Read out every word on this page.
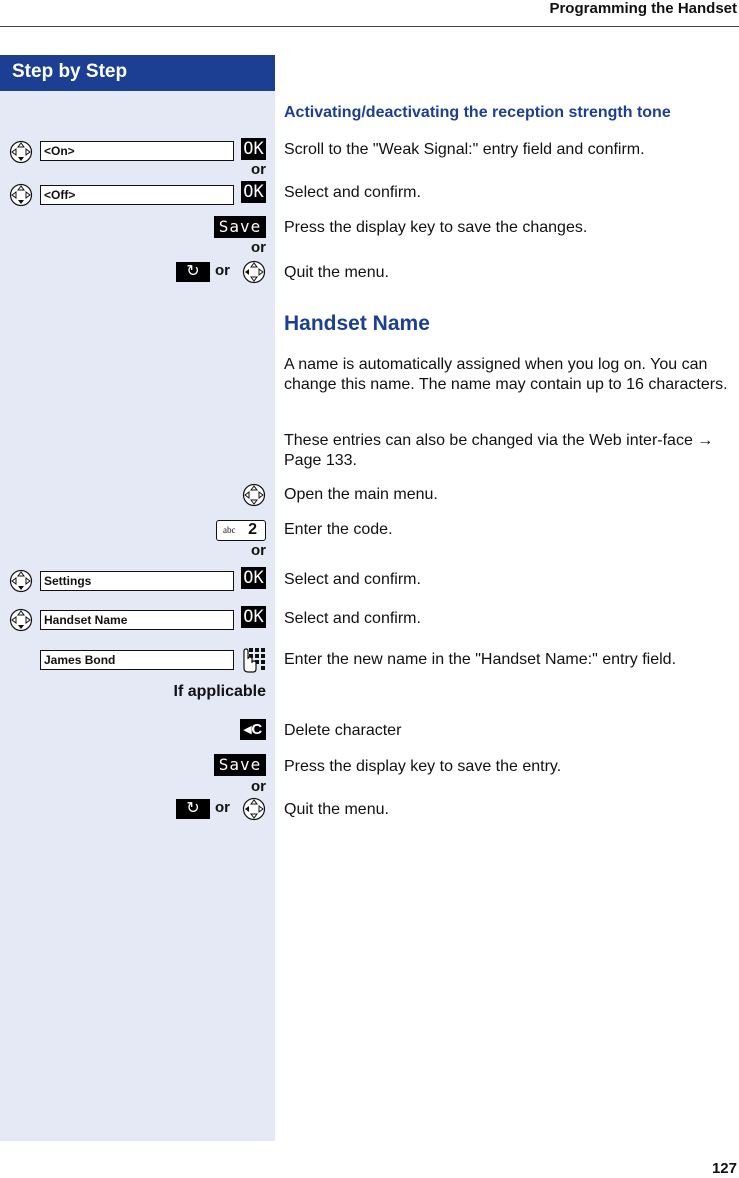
Programming the Handset
Step by Step
Activating/deactivating the reception strength tone
<On>	OK Scroll to the "Weak Signal:" entry field and confirm.
or
<Off>	OK Select and confirm.
Save Press the display key to save the changes.
or
↻	or	Quit the menu.
Handset Name
A name is automatically assigned when you log on. You can change this name. The name may contain up to 16 characters.
These entries can also be changed via the Web inter-face → Page 133.
Open the main menu.
abc 2 Enter the code.
or
Settings	OK Select and confirm.
Handset Name	OK Select and confirm.
James Bond	Enter the new name in the "Handset Name:" entry field.
If applicable
◂C Delete character
Save Press the display key to save the entry.
or
↻	or	Quit the menu.
127
